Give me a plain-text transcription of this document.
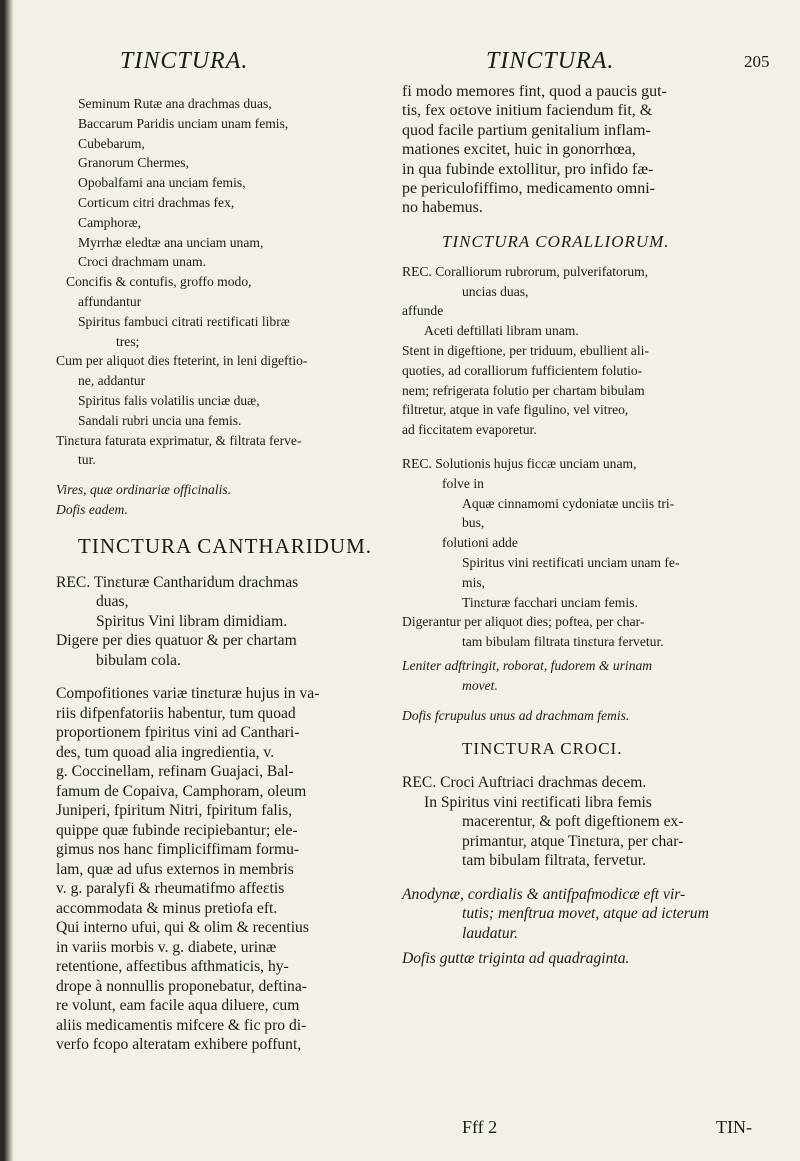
TINCTURA.	TINCTURA.	205
Seminum Rutæ ana drachmas duas,
Baccarum Paridis unciam unam femis,
Cubebarum,
Granorum Chermes,
Opobalfami ana unciam femis,
Corticum citri drachmas fex,
Camphoræ,
Myrrhæ eledtæ ana unciam unam,
Croci drachmam unam.
Concifis & contufis, groffo modo,
affundantur
Spiritus fambuci citrati reɛtificati libræ
tres;
Cum per aliquot dies fteterint, in leni digeftio-
ne, addantur
Spiritus falis volatilis unciæ duæ,
Sandali rubri uncia una femis.
Tinɛtura faturata exprimatur, & filtrata ferve-
tur.
Vires, quæ ordinariæ officinalis.
Dofis eadem.
TINCTURA CANTHARIDUM.
REC. Tinɛturæ Cantharidum drachmas
duas,
Spiritus Vini libram dimidiam.
Digere per dies quatuor & per chartam
bibulam cola.
Compofitiones variæ tinɛturæ hujus in va-
riis difpenfatoriis habentur, tum quoad
proportionem fpiritus vini ad Canthari-
des, tum quoad alia ingredientia, v.
g. Coccinellam, refinam Guajaci, Bal-
famum de Copaiva, Camphoram, oleum
Juniperi, fpiritum Nitri, fpiritum falis,
quippe quæ fubinde recipiebantur; ele-
gimus nos hanc fimpliciffimam formu-
lam, quæ ad ufus externos in membris
v. g. paralyfi & rheumatifmo affeɛtis
accommodata & minus pretiofa eft.
Qui interno ufui, qui & olim & recentius
in variis morbis v. g. diabete, urinæ
retentione, affeɛtibus afthmaticis, hy-
drope à nonnullis proponebatur, deftina-
re volunt, eam facile aqua diluere, cum
aliis medicamentis mifcere & fic pro di-
verfo fcopo alteratam exhibere poffunt,
fi modo memores fint, quod a paucis gut-
tis, fex oɛtove initium faciendum fit, &
quod facile partium genitalium inflam-
mationes excitet, huic in gonorrhœa,
in qua fubinde extollitur, pro infido fæ-
pe periculofiffimo, medicamento omni-
no habemus.
TINCTURA CORALLIORUM.
REC. Coralliorum rubrorum, pulverifatorum,
uncias duas,
affunde
Aceti deftillati libram unam.
Stent in digeftione, per triduum, ebullient ali-
quoties, ad coralliorum fufficientem folutio-
nem; refrigerata folutio per chartam bibulam
filtretur, atque in vafe figulino, vel vitreo,
ad ficcitatem evaporetur.
REC. Solutionis hujus ficcæ unciam unam,
folve in
Aquæ cinnamomi cydoniatæ unciis tri-
bus,
folutioni adde
Spiritus vini reɛtificati unciam unam fe-
mis,
Tinɛturæ facchari unciam femis.
Digerantur per aliquot dies; poftea, per char-
tam bibulam filtrata tinɛtura fervetur.
Leniter adftringit, roborat, fudorem & urinam
movet.
Dofis fcrupulus unus ad drachmam femis.
TINCTURA CROCI.
REC. Croci Auftriaci drachmas decem.
In Spiritus vini reɛtificati libra femis
macerentur, & poft digeftionem ex-
primantur, atque Tinɛtura, per char-
tam bibulam filtrata, fervetur.
Anodynæ, cordialis & antifpafmodicæ eft vir-
tutis; menftrua movet, atque ad icterum
laudatur.
Dofis guttæ triginta ad quadraginta.
Fff 2	TIN-
